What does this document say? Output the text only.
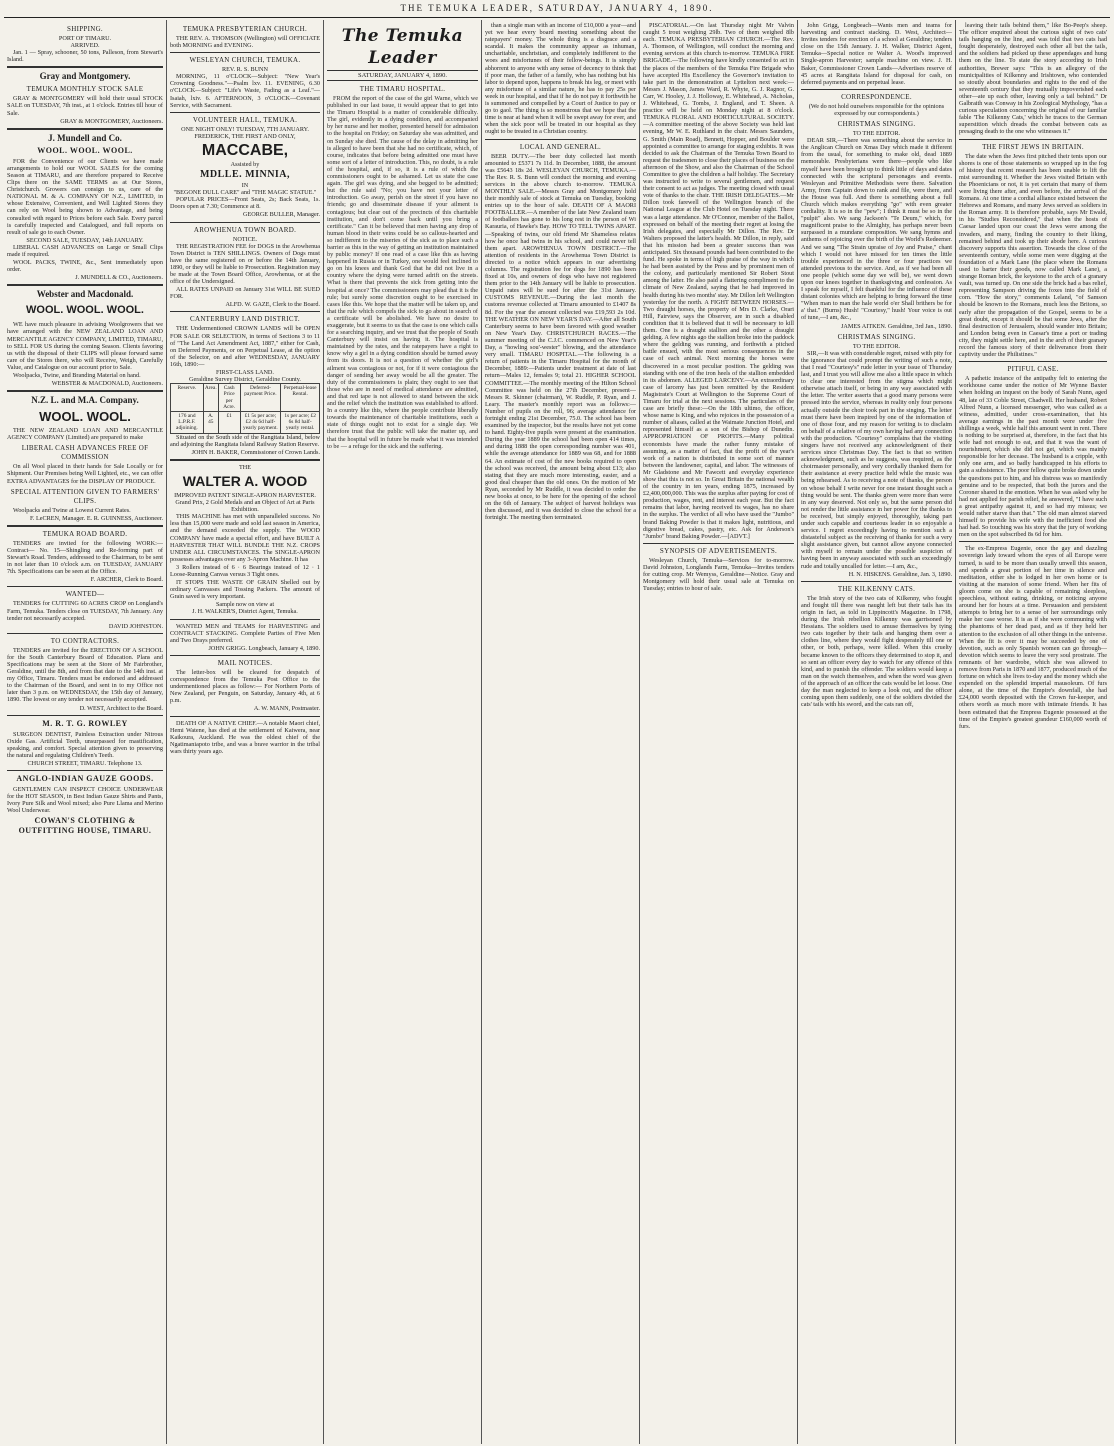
THE TEMUKA LEADER, SATURDAY, JANUARY 4, 1890.
SHIPPING.
PORT OF TIMARU.
ARRIVED.

Jan. 1 — Spray, schooner, 50 tons, Palleson, from Stewart's Island.

Gray and Montgomery.
TEMUKA MONTHLY STOCK SALE

GRAY & MONTGOMERY will hold their usual STOCK SALE on TUESDAY, 7th inst., at 1 o'clock. Entries till hour of Sale.

GRAY & MONTGOMERY, Auctioneers.
J. Mundell and Co.
WOOL. WOOL. WOOL.

FOR the Convenience of our Clients we have made arrangements to hold our WOOL SALES for the coming Season at TIMARU, and are therefore prepared to Receive Clips there on the SAME TERMS as at Our Stores, Christchurch. Growers can consign to us, care of the NATIONAL M. & A. COMPANY OF N.Z., LIMITED, in whose Extensive, Convenient, and Well Lighted Stores they can rely on Wool being shown to Advantage, and being consulted with regard to Prices before each Sale. Every parcel is carefully inspected and Catalogued, and full reports on result of sale go to each Owner.

SECOND SALE, TUESDAY, 14th JANUARY.

LIBERAL CASH ADVANCES on Large or Small Clips made if required.

WOOL PACKS, TWINE, &c., Sent immediately upon order.

J. MUNDELL & CO., Auctioneers.
Webster and Macdonald.
WOOL. WOOL. WOOL.

WE have much pleasure in advising Woolgrowers that we have arranged with the NEW ZEALAND LOAN AND MERCANTILE AGENCY COMPANY, LIMITED, TIMARU, to SELL FOR US during the coming Season. Clients favoring us with the disposal of their CLIPS will please forward same care of the Stores there, who will Receive, Weigh, Carefully Value, and Catalogue on our account prior to Sale.

Woolpacks, Twine, and Branding Material on hand.

WEBSTER & MACDONALD, Auctioneers.
N.Z. L. and M.A. Company.
WOOL. WOOL.

THE NEW ZEALAND LOAN AND MERCANTILE AGENCY COMPANY (Limited) are prepared to make

LIBERAL CASH ADVANCES FREE OF COMMISSION

On all Wool placed in their hands for Sale Locally or for Shipment. Our Premises being Well Lighted, etc., we can offer EXTRA ADVANTAGES for the DISPLAY OF PRODUCE.

SPECIAL ATTENTION GIVEN TO FARMERS' CLIPS.

Woolpacks and Twine at Lowest Current Rates.

F. LeCREN, Manager. E. R. GUINNESS, Auctioneer.
TEMUKA ROAD BOARD.

TENDERS are invited for the following WORK:— Contract— No. 15—Shingling and Re-forming part of Stewart's Road. Tenders, addressed to the Chairman, to be sent in not later than 10 o'clock a.m. on TUESDAY, JANUARY 7th. Specifications can be seen at the Office.

F. ARCHER, Clerk to Board.
WANTED—

TENDERS for CUTTING 60 ACRES CROP on Longland's Farm, Temuka. Tenders close on TUESDAY, 7th January. Any tender not necessarily accepted.

DAVID JOHNSTON.
TO CONTRACTORS.

TENDERS are invited for the ERECTION OF A SCHOOL for the South Canterbury Board of Education. Plans and Specifications may be seen at the Store of Mr Fairbrother, Geraldine, until the 8th, and from that date to the 14th inst. at my Office, Timaru. Tenders must be endorsed and addressed to the Chairman of the Board, and sent in to my Office not later than 3 p.m. on WEDNESDAY, the 15th day of January, 1890. The lowest or any tender not necessarily accepted.

D. WEST, Architect to the Board.
M. R. T. G. ROWLEY

SURGEON DENTIST, Painless Extraction under Nitrous Oxide Gas. Artificial Teeth, unsurpassed for mastification, speaking, and comfort. Special attention given to preserving the natural and regulating Children's Teeth.

CHURCH STREET, TIMARU. Telephone 13.
ANGLO-INDIAN GAUZE GOODS.

GENTLEMEN CAN INSPECT CHOICE UNDERWEAR for the HOT SEASON, in Best Indian Gauze Shirts and Pants, Ivory Pure Silk and Wool mixed; also Pure Llama and Merino Wool Underwear.

COWAN'S CLOTHING & OUTFITTING HOUSE, TIMARU.
TEMUKA PRESBYTERIAN CHURCH.

THE REV. A. THOMSON (Wellington) will OFFICIATE both MORNING and EVENING.

WESLEYAN CHURCH, TEMUKA.
REV. R. S. BUNN

MORNING, 11 o'CLOCK—Subject: "New Year's Crowning Goodness."—Psalm lxv. 11. EVENING, 6.30 o'CLOCK—Subject: "Life's Waste, Fading as a Leaf."—Isaiah, lxiv. 6. AFTERNOON, 3 o'CLOCK—Covenant Service, with Sacrament.

VOLUNTEER HALL, TEMUKA.
ONE NIGHT ONLY! TUESDAY, 7TH JANUARY.
FREDERICK, THE FIRST AND ONLY,
MACCABE,
Assisted by
MDLLE. MINNIA,
IN
"BEGONE DULL CARE" and "THE MAGIC STATUE."

POPULAR PRICES—Front Seats, 2s; Back Seats, 1s. Doors open at 7.30; Commence at 8.

GEORGE BULLER, Manager.
AROWHENUA TOWN BOARD.
NOTICE.

THE REGISTRATION FEE for DOGS in the Arowhenua Town District is TEN SHILLINGS. Owners of Dogs must have the same registered on or before the 14th January, 1890, or they will be liable to Prosecution. Registration may be made at the Town Board Office, Arowhenua, or at the office of the Undersigned.

ALL RATES UNPAID on January 31st WILL BE SUED FOR.

ALFD. W. GAZE, Clerk to the Board.
CANTERBURY LAND DISTRICT.

THE Undermentioned CROWN LANDS will be OPEN FOR SALE OR SELECTION, in terms of Sections 3 to 11 of "The Land Act Amendment Act, 1887," either for Cash, on Deferred Payments, or on Perpetual Lease, at the option of the Selector, on and after WEDNESDAY, JANUARY 16th, 1890:—

FIRST-CLASS LAND.
Geraldine Survey District, Geraldine County.
Reserve.	Area.	Cash Price per Acre.	Deferred-payment Price.	Perpetual-lease Rental.
176 and L.P.R.F. adjoining.	A. 45	£1	£1 5s per acre; £2 4s 6d half-yearly payment.	1s per acre; £2 6s 8d half-yearly rental.

Situated on the South side of the Rangitata Island, below and adjoining the Rangitata Island Railway Station Reserve.

JOHN H. BAKER, Commissioner of Crown Lands.
THE
WALTER A. WOOD
IMPROVED PATENT SINGLE-APRON HARVESTER.
Grand Prix, 2 Gold Medals and an Object of Art at Paris Exhibition.

THIS MACHINE has met with unparalleled success. No less than 15,000 were made and sold last season in America, and the demand exceeded the supply. The WOOD COMPANY have made a special effort, and have BUILT A HARVESTER THAT WILL BUNDLE THE N.Z. CROPS UNDER ALL CIRCUMSTANCES. The SINGLE-APRON possesses advantages over any 3-Apron Machine. It has

3 Rollers instead of 6 · 6 Bearings instead of 12 · 1 Loose-Running Canvas versus 3 Tight ones.

IT STOPS THE WASTE OF GRAIN Shelled out by ordinary Canvasses and Tossing Packers. The amount of Grain saved is very important.

Sample now on view at
J. H. WALKER'S, District Agent, Temuka.

WANTED MEN and TEAMS for HARVESTING and CONTRACT STACKING. Complete Parties of Five Men and Two Drays preferred.

JOHN GRIGG. Longbeach, January 4, 1890.
MAIL NOTICES.

The letter-box will be cleared for despatch of correspondence from the Temuka Post Office to the undermentioned places as follow:— For Northern Ports of New Zealand, per Penguin, on Saturday, January 4th, at 6 p.m.

A. W. MANN, Postmaster.

DEATH OF A NATIVE CHIEF.—A notable Maori chief, Hemi Watene, has died at the settlement of Kaiwera, near Kaikoura, Auckland. He was the oldest chief of the Ngatimaniapoto tribe, and was a brave warrior in the tribal wars thirty years ago.

The Temuka Leader
SATURDAY, JANUARY 4, 1890.
THE TIMARU HOSPITAL.

FROM the report of the case of the girl Warne, which we published in our last issue, it would appear that to get into the Timaru Hospital is a matter of considerable difficulty. The girl, evidently in a dying condition, and accompanied by her nurse and her mother, presented herself for admission to the hospital on Friday; on Saturday she was admitted, and on Sunday she died. The cause of the delay in admitting her is alleged to have been that she had no certificate, which, of course, indicates that before being admitted one must have some sort of a letter of introduction. This, no doubt, is a rule of the hospital, and, if so, it is a rule of which the commissioners ought to be ashamed. Let us state the case again. The girl was dying, and she begged to be admitted; but the rule said "No; you have not your letter of introduction. Go away, perish on the street if you have no friends; go and disseminate disease if your ailment is contagious; but clear out of the precincts of this charitable institution, and don't come back until you bring a certificate." Can it be believed that men having any drop of human blood in their veins could be so callous-hearted and so indifferent to the miseries of the sick as to place such a barrier as this in the way of getting an institution maintained by public money? If one read of a case like this as having happened in Russia or in Turkey, one would feel inclined to go on his knees and thank God that he did not live in a country where the dying were turned adrift on the streets. What is there that prevents the sick from getting into the hospital at once? The commissioners may plead that it is the rule; but surely some discretion ought to be exercised in cases like this. We hope that the matter will be taken up, and that the rule which compels the sick to go about in search of a certificate will be abolished. We have no desire to exaggerate, but it seems to us that the case is one which calls for a searching inquiry, and we trust that the people of South Canterbury will insist on having it. The hospital is maintained by the rates, and the ratepayers have a right to know why a girl in a dying condition should be turned away from its doors. It is not a question of whether the girl's ailment was contagious or not, for if it were contagious the danger of sending her away would be all the greater. The duty of the commissioners is plain; they ought to see that those who are in need of medical attendance are admitted, and that red tape is not allowed to stand between the sick and the relief which the institution was established to afford. In a country like this, where the people contribute liberally towards the maintenance of charitable institutions, such a state of things ought not to exist for a single day. We therefore trust that the public will take the matter up, and that the hospital will in future be made what it was intended to be — a refuge for the sick and the suffering.

than a single man with an income of £10,000 a year—and yet we hear every board meeting something about the ratepayers' money. The whole thing is a disgrace and a scandal. It makes the community appear as inhuman, uncharitable, unchristian, and completely indifferent to the woes and misfortunes of their fellow-beings. It is simply abhorrent to anyone with any sense of decency to think that if poor man, the father of a family, who has nothing but his labor to depend upon, happens to break his leg, or meet with any misfortune of a similar nature, he has to pay 25s per week in our hospital, and that if he do not pay it forthwith he is summoned and compelled by a Court of Justice to pay or go to gaol. The thing is so monstrous that we hope that the time is near at hand when it will be swept away for ever, and when the sick poor will be treated in our hospital as they ought to be treated in a Christian country.

LOCAL AND GENERAL.

BEER DUTY.—The beer duty collected last month amounted to £5371 7s 11d. In December, 1888, the amount was £5643 18s 2d. WESLEYAN CHURCH, TEMUKA.—The Rev. R. S. Bunn will conduct the morning and evening services in the above church to-morrow. TEMUKA MONTHLY SALE.—Messrs Gray and Montgomery hold their monthly sale of stock at Temuka on Tuesday, booking entries up to the hour of sale. DEATH OF A MAORI FOOTBALLER.—A member of the late New Zealand team of footballers has gone to his long rest in the person of Wi Karauria, of Hawke's Bay. HOW TO TELL TWINS APART.—Speaking of twins, our old friend Mr Shameless relates how he once had twins in his school, and could never tell them apart. AROWHENUA TOWN DISTRICT.—The attention of residents in the Arowhenua Town District is directed to a notice which appears in our advertising columns. The registration fee for dogs for 1890 has been fixed at 10s, and owners of dogs who have not registered them prior to the 14th January will be liable to prosecution. Unpaid rates will be sued for after the 31st January. CUSTOMS REVENUE.—During the last month the customs revenue collected at Timaru amounted to £1407 8s 8d. For the year the amount collected was £19,593 2s 10d. THE WEATHER ON NEW YEAR'S DAY.—After all South Canterbury seems to have been favored with good weather on New Year's Day. CHRISTCHURCH RACES.—The summer meeting of the C.J.C. commenced on New Year's Day, a "howling sou'-wester" blowing, and the attendance very small. TIMARU HOSPITAL.—The following is a return of patients in the Timaru Hospital for the month of December, 1889:—Patients under treatment at date of last return—Males 12, females 9; total 21. HIGHER SCHOOL COMMITTEE.—The monthly meeting of the Hilton School Committee was held on the 27th December, present—Messrs R. Skinner (chairman), W. Ruddle, P. Ryan, and J. Leary. The master's monthly report was as follows:—Number of pupils on the roll, 96; average attendance for fortnight ending 21st December, 75.0. The school has been examined by the inspector, but the results have not yet come to hand. Eighty-five pupils were present at the examination. During the year 1889 the school had been open 414 times, and during 1888 the open corresponding number was 401, while the average attendance for 1889 was 68, and for 1888 64. An estimate of cost of the new books required to open the school was received, the amount being about £13; also stating that they are much more interesting, easier, and a good deal cheaper than the old ones. On the motion of Mr Ryan, seconded by Mr Ruddle, it was decided to order the new books at once, to be here for the opening of the school on the 6th of January. The subject of harvest holidays was then discussed, and it was decided to close the school for a fortnight. The meeting then terminated.

PISCATORIAL.—On last Thursday night Mr Valvin caught 5 trout weighing 29lb. Two of them weighed 8lb each. TEMUKA PRESBYTERIAN CHURCH.—The Rev. A. Thomson, of Wellington, will conduct the morning and evening services at this church to-morrow. TEMUKA FIRE BRIGADE.—The following have kindly consented to act in the places of the members of the Temuka Fire Brigade who have accepted His Excellency the Governor's invitation to take part in the demonstration at Lyttelton next week:—Messrs J. Mason, James Ward, R. Whyte, G. J. Ragnor, G. Carr, W. Hooley, J. J. Holloway, E. Whitehead, A. Nicholas, J. Whitehead, G. Tombs, J. England, and T. Sheen. A practice will be held on Monday night at 8 o'clock. TEMUKA FLORAL AND HORTICULTURAL SOCIETY.—A committee meeting of the above Society was held last evening, Mr W. E. Ruthland in the chair. Messrs Saunders, G. Smith (Main Road), Bennett, Hopper, and Boulder were appointed a committee to arrange for staging exhibits. It was decided to ask the Chairman of the Temuka Town Board to request the tradesmen to close their places of business on the afternoon of the Show, and also the Chairman of the School Committee to give the children a half holiday. The Secretary was instructed to write to several gentlemen, and request their consent to act as judges. The meeting closed with usual vote of thanks to the chair. THE IRISH DELEGATES.—Mr Dillon took farewell of the Wellington branch of the National League at the Club Hotel on Tuesday night. There was a large attendance. Mr O'Connor, member of the Ballot, expressed on behalf of the meeting their regret at losing the Irish delegates, and especially Mr Dillon. The Rev. Dr Walters proposed the latter's health. Mr Dillon, in reply, said that his mission had been a greater success than was anticipated. Six thousand pounds had been contributed to the fund. He spoke in terms of high praise of the way in which he had been assisted by the Press and by prominent men of the colony, and particularly mentioned Sir Robert Stout among the latter. He also paid a flattering compliment to the climate of New Zealand, saying that he had improved in health during his two months' stay. Mr Dillon left Wellington yesterday for the north. A FIGHT BETWEEN HORSES.—Two draught horses, the property of Mrs D. Clarke, Orari Hill, Fairview, says the Observer, are in such a disabled condition that it is believed that it will be necessary to kill them. One is a draught stallion and the other a draught gelding. A few nights ago the stallion broke into the paddock where the gelding was running, and forthwith a pitched battle ensued, with the most serious consequences in the case of each animal. Next morning the horses were discovered in a most peculiar position. The gelding was standing with one of the iron heels of the stallion embedded in its abdomen. ALLEGED LARCENY.—An extraordinary case of larceny has just been remitted by the Resident Magistrate's Court at Wellington to the Supreme Court of Timaru for trial at the next sessions. The particulars of the case are briefly these:—On the 18th ultimo, the officer, whose name is King, and who rejoices in the possession of a number of aliases, called at the Waimate Junction Hotel, and represented himself as a son of the Bishop of Dunedin. APPROPRIATION OF PROFITS.—Many political economists have made the rather funny mistake of assuming, as a matter of fact, that the profit of the year's work of a nation is distributed in some sort of manner between the landowner, capital, and labor. The witnesses of Mr Gladstone and Mr Fawcett and everyday experience show that this is not so. In Great Britain the national wealth of the country in ten years, ending 1875, increased by £2,400,000,000. This was the surplus after paying for cost of production, wages, rent, and interest each year. But the fact remains that labor, having received its wages, has no share in the surplus. The verdict of all who have used the "Jumbo" brand Baking Powder is that it makes light, nutritious, and digestive bread, cakes, pastry, etc. Ask for Anderson's "Jumbo" brand Baking Powder.—[ADVT.]

SYNOPSIS OF ADVERTISEMENTS.

Wesleyan Church, Temuka—Services for to-morrow. David Johnston, Longlands Farm, Temuka—Invites tenders for cutting crop. Mr Wemyss, Geraldine—Notice. Gray and Montgomery will hold their usual sale at Temuka on Tuesday; entries to hour of sale.

John Grigg, Longbeach—Wants men and teams for harvesting and contract stacking. D. West, Architect—Invites tenders for erection of a school at Geraldine; tenders close on the 15th January. J. H. Walker, District Agent, Temuka—Special notice re Walter A. Wood's improved Single-apron Harvester; sample machine on view. J. H. Baker, Commissioner Crown Lands—Advertises reserve of 45 acres at Rangitata Island for disposal for cash, on deferred payments and on perpetual lease.

CORRESPONDENCE.
(We do not hold ourselves responsible for the opinions expressed by our correspondents.)
CHRISTMAS SINGING.
TO THE EDITOR.

DEAR SIR,—There was something about the service in the Anglican Church on Xmas Day which made it different from the usual, for something to make old, dead 1889 memorable. Presbyterians were there—people who like myself have been brought up to think little of days and dates connected with the scriptural personages and events. Wesleyan and Primitive Methodists were there. Salvation Army, from Captain down to rank and file, were there, and the House was full. And there is something about a full Church which makes everything "go" with even greater cordiality. It is so in the "pew"; I think it must be so in the "pulpit" also. We sang Jackson's "Te Deum," which, for magnificent praise to the Almighty, has perhaps never been surpassed in a mundane composition. We sang hymns and anthems of rejoicing over the birth of the World's Redeemer. And we sang "The Strain upraise of Joy and Praise," chant which I would not have missed for ten times the little trouble experienced in the three or four practices we attended previous to the service. And, as if we had been all one people (which some day we will be), we went down upon our knees together in thanksgiving and confession. As I speak for myself, I felt thankful for the influence of these distant colonies which are helping to bring forward the time "When man to man the hale world o'er Shall brithers be for a' that." (Burns) Hush! "Courtesy," hush! Your voice is out of tune,—I am, &c.,

JAMES AITKEN. Geraldine, 3rd Jan., 1890.
CHRISTMAS SINGING.
TO THE EDITOR.

SIR,—It was with considerable regret, mixed with pity for the ignorance that could prompt the writing of such a note, that I read "Courtesy's" rude letter in your issue of Thursday last, and I trust you will allow me also a little space in which to clear one interested from the stigma which might otherwise attach itself, or being in any way associated with the letter. The writer asserts that a good many persons were pressed into the service, whereas in reality only four persons actually outside the choir took part in the singing. The letter must there have been inspired by one of the information of one of those four, and my reason for writing is to disclaim on behalf of a relative of my own having had any connection with the production. "Courtesy" complains that the visiting singers have not received any acknowledgment of their services since Christmas Day. The fact is that so written acknowledgment, such as he suggests, was required, as the choirmaster personally, and very cordially thanked them for their assistance at every practice held while the music was being rehearsed. As to receiving a note of thanks, the person on whose behalf I write never for one instant thought such a thing would be sent. The thanks given were more than were in any way deserved. Not only so, but the same person did not render the little assistance in her power for the thanks to be received, but simply enjoyed, thoroughly, taking part under such capable and courteous leader in so enjoyable a service. I regret exceedingly having to mention such a distasteful subject as the receiving of thanks for such a very slight assistance given, but cannot allow anyone connected with myself to remain under the possible suspicion of having been in anyway associated with such an exceedingly rude and totally uncalled for letter.—I am, &c.,

H. N. HISKENS. Geraldine, Jan. 3, 1890.
THE KILKENNY CATS.

The Irish story of the two cats of Kilkenny, who fought and fought till there was naught left but their tails has its origin in fact, as told in Lippincott's Magazine. In 1798, during the Irish rebellion Kilkenny was garrisoned by Hessians. The soldiers used to amuse themselves by tying two cats together by their tails and hanging them over a clothes line, where they would fight desperately till one or other, or both, perhaps, were killed. When this cruelty became known to the officers they determined to stop it, and so sent an officer every day to watch for any offence of this kind, and to punish the offender. The soldiers would keep a man on the watch themselves, and when the word was given of the approach of an officer the cats would be let loose. One day the man neglected to keep a look out, and the officer coming upon them suddenly, one of the soldiers divided the cats' tails with his sword, and the cats ran off,

leaving their tails behind them," like Bo-Peep's sheep. The officer enquired about the curious sight of two cats' tails hanging on the line, and was told that two cats had fought desperately, destroyed each other all but the tails, and the soldiers had picked up these appendages and hung them on the line. To state the story according to Irish authorities, Brewer says: "This is an allegory of the municipalities of Kilkenny and Irishtown, who contended so stoutly about boundaries and rights to the end of the seventeenth century that they mutually impoverished each other—ate up each other, leaving only a tail behind." Dr Galbraith was Conway in his Zoological Mythology, "has a curious speculation concerning the original of our familiar fable 'The Kilkenny Cats,' which he traces to the German superstition which dreads the combat between cats as presaging death to the one who witnesses it."

THE FIRST JEWS IN BRITAIN.

The date when the Jews first pitched their tents upon our shores is one of those statements so wrapped up in the fog of history that recent research has been unable to lift the mist surrounding it. Whether the Jews visited Britain with the Phoenicians or not, it is yet certain that many of them were living there after, and even before, the arrival of the Romans. At one time a cordial alliance existed between the Hebrews and Romans, and many Jews served as soldiers in the Roman army. It is therefore probable, says Mr Ewald, in his "Studies Reconsidered," that when the hosts of Caesar landed upon our coast the Jews were among the invaders, and many, finding the country to their liking, remained behind and took up their abode here. A curious discovery supports this assertion. Towards the close of the seventeenth century, while some men were digging at the foundation of a Mark Lane (the place where the Romans used to barter their goods, now called Mark Lane), a strange Roman brick, the keystone to the arch of a granary vault, was turned up. On one side the brick had a bas relief, representing Sampson driving the foxes into the field of corn. "How the story," comments Leland, "of Samson should be known to the Romans, much less the Britons, so early after the propagation of the Gospel, seems to be a great doubt, except it should be that some Jews, after the final destruction of Jerusalem, should wander into Britain; and London being even in Caesar's time a port or trading city, they might settle here, and in the arch of their granary record the famous story of their deliverance from their captivity under the Philistines."

PITIFUL CASE.

A pathetic instance of the antipathy felt to entering the workhouse came under the notice of Mr Wynne Baxter when holding an inquest on the body of Sarah Nunn, aged 48, late of 33 Coble Street, Chadwell. Her husband, Robert Alfred Nunn, a licensed messenger, who was called as a witness, admitted, under cross-examination, that his average earnings in the past month were under five shillings a week, while half this amount went in rent. There is nothing to be surprised at, therefore, in the fact that his wife had not enough to eat, and that it was the want of nourishment, which she did not get, which was mainly responsible for her decease. The husband is a cripple, with only one arm, and so badly handicapped in his efforts to gain a subsistence. The poor fellow quite broke down under the questions put to him, and his distress was so manifestly genuine and to be respected, that both the jurors and the Coroner shared in the emotion. When he was asked why he had not applied for parish relief, he answered, "I have such a great antipathy against it, and so had my missus; we would rather starve than that." The old man almost starved himself to provide his wife with the inefficient food she had had. So touching was his story that the jury of working men on the spot subscribed 8s 6d for him.

The ex-Empress Eugenie, once the gay and dazzling sovereign lady toward whom the eyes of all Europe were turned, is said to be more than usually unwell this season, and spends a great portion of her time in silence and meditation, either she is lodged in her own home or is visiting at the mansion of some friend. When her fits of gloom come on she is capable of remaining sleepless, speechless, without eating, drinking, or noticing anyone around her for hours at a time. Persuasion and persistent attempts to bring her to a sense of her surroundings only make her case worse. It is as if she were communing with the phantoms of her dead past, and as if they held her attention to the exclusion of all other things in the universe. When the fit is over it may be succeeded by one of devotion, such as only Spanish women can go through—devotion which seems to leave the very soul prostrate. The remnants of her wardrobe, which she was allowed to remove from Paris in 1870 and 1877, produced much of the fortune on which she lives to-day and the money which she expended on the splendid imperial mausoleum. Of furs alone, at the time of the Empire's downfall, she had £24,000 worth deposited with the Crown fur-keeper, and others worth as much more with intimate friends. It has been estimated that the Empress Eugenie possessed at the time of the Empire's greatest grandeur £160,000 worth of furs.
